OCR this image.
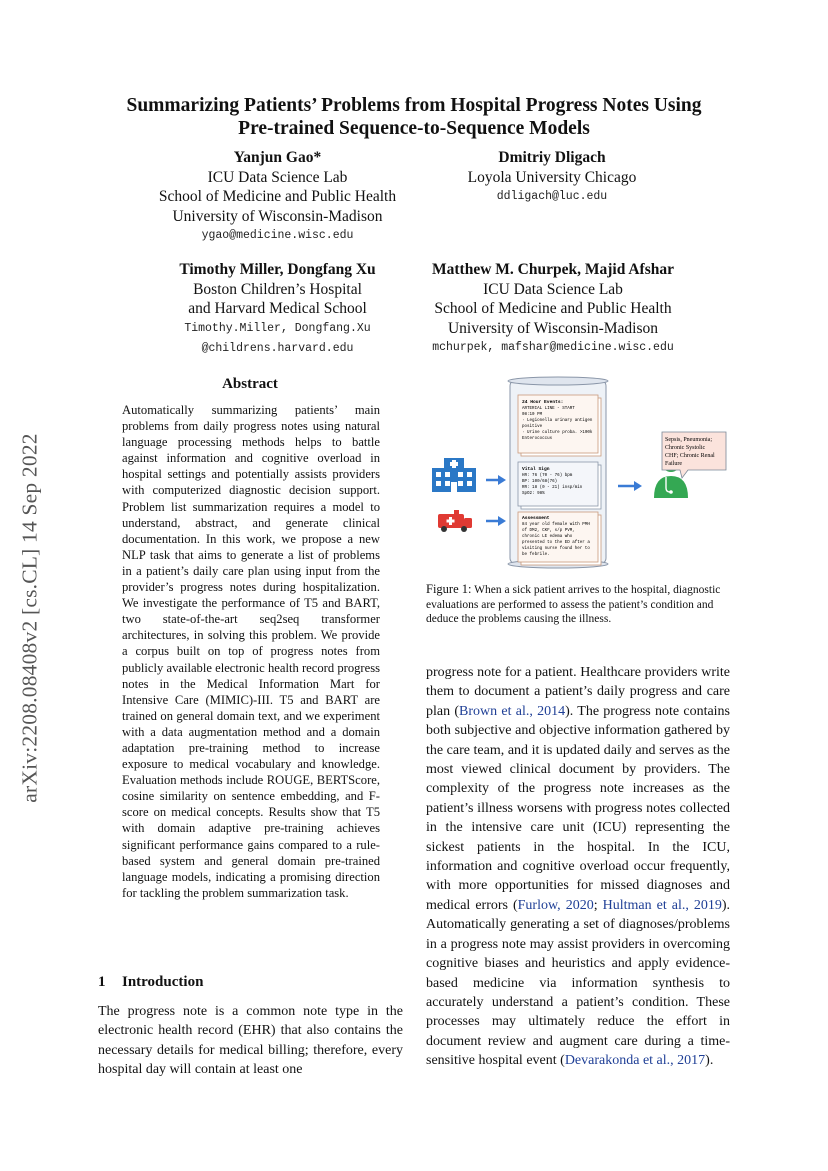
arXiv:2208.08408v2 [cs.CL] 14 Sep 2022
Summarizing Patients’ Problems from Hospital Progress Notes Using
Pre-trained Sequence-to-Sequence Models
Yanjun Gao*
ICU Data Science Lab
School of Medicine and Public Health
University of Wisconsin-Madison
ygao@medicine.wisc.edu
Dmitriy Dligach
Loyola University Chicago
ddligach@luc.edu
Timothy Miller, Dongfang Xu
Boston Children’s Hospital
and Harvard Medical School
Timothy.Miller, Dongfang.Xu
@childrens.harvard.edu
Matthew M. Churpek, Majid Afshar
ICU Data Science Lab
School of Medicine and Public Health
University of Wisconsin-Madison
mchurpek, mafshar@medicine.wisc.edu
Abstract
Automatically summarizing patients’ main problems from daily progress notes using natural language processing methods helps to battle against information and cognitive overload in hospital settings and potentially assists providers with computerized diagnostic decision support. Problem list summarization requires a model to understand, abstract, and generate clinical documentation. In this work, we propose a new NLP task that aims to generate a list of problems in a patient’s daily care plan using input from the provider’s progress notes during hospitalization. We investigate the performance of T5 and BART, two state-of-the-art seq2seq transformer architectures, in solving this problem. We provide a corpus built on top of progress notes from publicly available electronic health record progress notes in the Medical Information Mart for Intensive Care (MIMIC)-III. T5 and BART are trained on general domain text, and we experiment with a data augmentation method and a domain adaptation pre-training method to increase exposure to medical vocabulary and knowledge. Evaluation methods include ROUGE, BERTScore, cosine similarity on sentence embedding, and F-score on medical concepts. Results show that T5 with domain adaptive pre-training achieves significant performance gains compared to a rule-based system and general domain pre-trained language models, indicating a promising direction for tackling the problem summarization task.
1 Introduction
The progress note is a common note type in the electronic health record (EHR) that also contains the necessary details for medical billing; therefore, every hospital day will contain at least one
progress note for a patient. Healthcare providers write them to document a patient’s daily progress and care plan (Brown et al., 2014). The progress note contains both subjective and objective information gathered by the care team, and it is updated daily and serves as the most viewed clinical document by providers. The complexity of the progress note increases as the patient’s illness worsens with progress notes collected in the intensive care unit (ICU) representing the sickest patients in the hospital. In the ICU, information and cognitive overload occur frequently, with more opportunities for missed diagnoses and medical errors (Furlow, 2020; Hultman et al., 2019). Automatically generating a set of diagnoses/problems in a progress note may assist providers in overcoming cognitive biases and heuristics and apply evidence-based medicine via information synthesis to accurately understand a patient’s condition. These processes may ultimately reduce the effort in document review and augment care during a time-sensitive hospital event (Devarakonda et al., 2017).
24 Hour Events:
ARTERIAL LINE - START
08:10 PM
· Legionella urinary antigen
positive
· Urine culture proba. >100k
Enterococcus
Vital Sign
HR: 76 (70 - 76) bpm
BP: 100/68(76)
RR: 18 (0 - 21) insp/min
SpO2: 98%
Assessment
84 year old female with PMH
of DM2, CKF, s/p PVM,
chronic LE edema who
presented to the ED after a
visiting nurse found her to
be febrile.
Sepsis, Pneumonia;
Chronic Systolic
CHF; Chronic Renal
Failure
Figure 1: When a sick patient arrives to the hospital, diagnostic evaluations are performed to assess the patient’s condition and deduce the problems causing the illness.
